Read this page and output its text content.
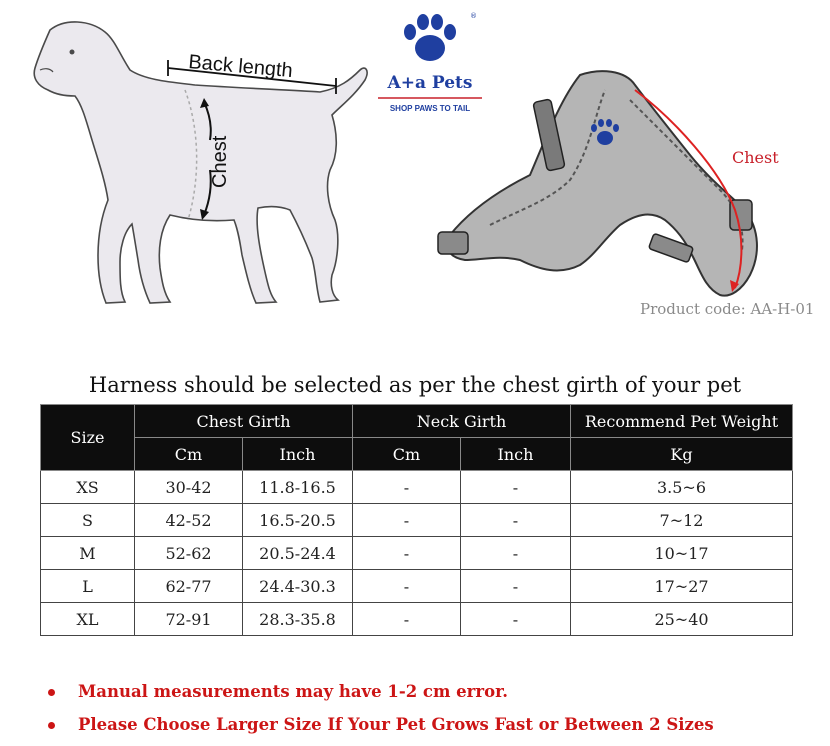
Back length
Chest
®
A+a Pets
SHOP PAWS TO TAIL
Chest
Product code: AA-H-01
Harness should be selected as per the chest girth of your pet
Size	Chest Girth		Neck Girth		Recommend Pet Weight
	Cm	Inch	Cm	Inch	Kg
XS	30-42	11.8-16.5	-	-	3.5~6
S	42-52	16.5-20.5	-	-	7~12
M	52-62	20.5-24.4	-	-	10~17
L	62-77	24.4-30.3	-	-	17~27
XL	72-91	28.3-35.8	-	-	25~40
Manual measurements may have 1-2 cm error.
Please Choose Larger Size If Your Pet Grows Fast or Between 2 Sizes
